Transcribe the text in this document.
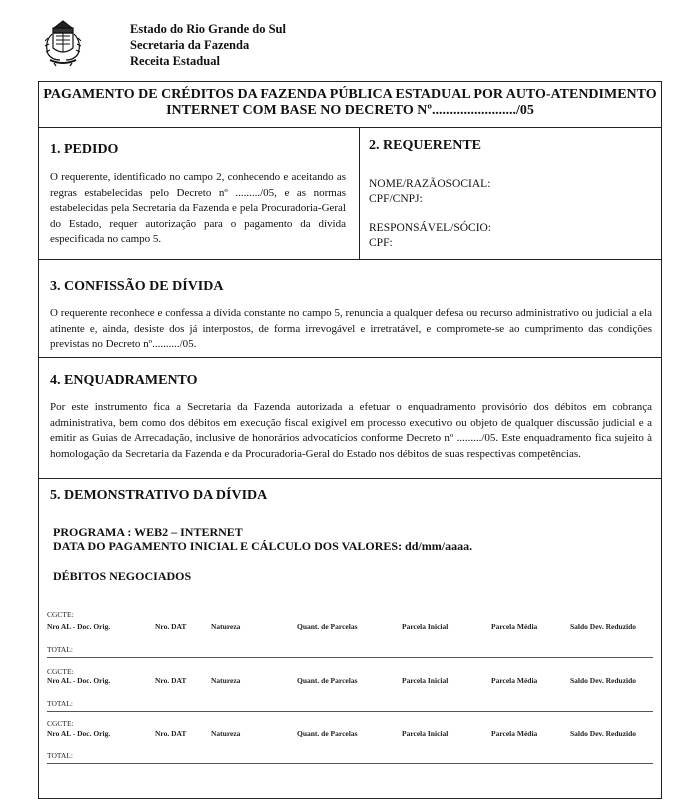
Estado do Rio Grande do Sul
Secretaria da Fazenda
Receita Estadual
PAGAMENTO DE CRÉDITOS DA FAZENDA PÚBLICA ESTADUAL POR AUTO-ATENDIMENTO
INTERNET COM BASE NO DECRETO Nº......................../05
1. PEDIDO
O requerente, identificado no campo 2, conhecendo e aceitando as regras estabelecidas pelo Decreto nº ........./05, e as normas estabelecidas pela Secretaria da Fazenda e pela Procuradoria-Geral do Estado, requer autorização para o pagamento da dívida especificada no campo 5.
2. REQUERENTE
NOME/RAZÃOSOCIAL:
CPF/CNPJ:
RESPONSÁVEL/SÓCIO:
CPF:
3. CONFISSÃO DE DÍVIDA
O requerente reconhece e confessa a dívida constante no campo 5, renuncia a qualquer defesa ou recurso administrativo ou judicial a ela atinente e, ainda, desiste dos já interpostos, de forma irrevogável e irretratável, e compromete-se ao cumprimento das condições previstas no Decreto nº........../05.
4. ENQUADRAMENTO
Por este instrumento fica a Secretaria da Fazenda autorizada a efetuar o enquadramento provisório dos débitos em cobrança administrativa, bem como dos débitos em execução fiscal exigível em processo executivo ou objeto de qualquer discussão judicial e a emitir as Guias de Arrecadação, inclusive de honorários advocatícios conforme Decreto nº ........./05. Este enquadramento fica sujeito à homologação da Secretaria da Fazenda e da Procuradoria-Geral do Estado nos débitos de suas respectivas competências.
5. DEMONSTRATIVO DA DÍVIDA
PROGRAMA : WEB2 – INTERNET
DATA DO PAGAMENTO INICIAL E CÁLCULO DOS VALORES: dd/mm/aaaa.
DÉBITOS NEGOCIADOS
CGCTE:
Nro AL - Doc. Orig.	Nro. DAT	Natureza	Quant. de Parcelas	Parcela Inicial	Parcela Média	Saldo Dev. Reduzido
TOTAL:
CGCTE:
Nro AL - Doc. Orig.	Nro. DAT	Natureza	Quant. de Parcelas	Parcela Inicial	Parcela Média	Saldo Dev. Reduzido
TOTAL:
CGCTE:
Nro AL - Doc. Orig.	Nro. DAT	Natureza	Quant. de Parcelas	Parcela Inicial	Parcela Média	Saldo Dev. Reduzido
TOTAL:
